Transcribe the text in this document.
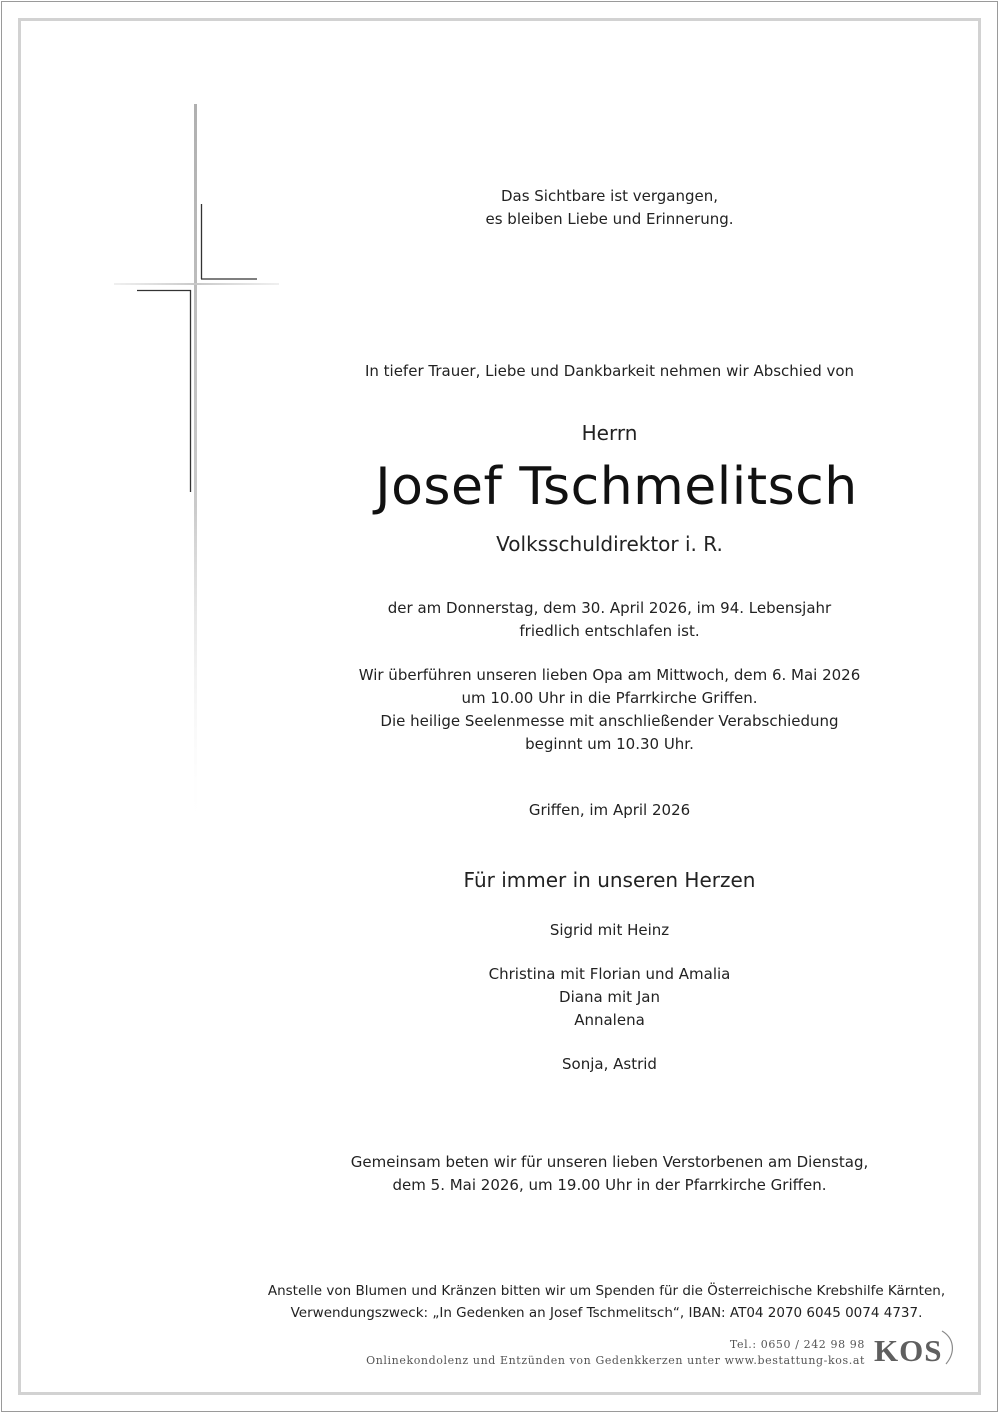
Das Sichtbare ist vergangen,
es bleiben Liebe und Erinnerung.
In tiefer Trauer, Liebe und Dankbarkeit nehmen wir Abschied von
Herrn
Josef Tschmelitsch
Volksschuldirektor i. R.
der am Donnerstag, dem 30. April 2026, im 94. Lebensjahr
friedlich entschlafen ist.
Wir überführen unseren lieben Opa am Mittwoch, dem 6. Mai 2026
um 10.00 Uhr in die Pfarrkirche Griffen.
Die heilige Seelenmesse mit anschließender Verabschiedung
beginnt um 10.30 Uhr.
Griffen, im April 2026
Für immer in unseren Herzen
Sigrid mit Heinz
Christina mit Florian und Amalia
Diana mit Jan
Annalena
Sonja, Astrid
Gemeinsam beten wir für unseren lieben Verstorbenen am Dienstag,
dem 5. Mai 2026, um 19.00 Uhr in der Pfarrkirche Griffen.
Anstelle von Blumen und Kränzen bitten wir um Spenden für die Österreichische Krebshilfe Kärnten,
Verwendungszweck: „In Gedenken an Josef Tschmelitsch“, IBAN: AT04 2070 6045 0074 4737.
Tel.: 0650 / 242 98 98
Onlinekondolenz und Entzünden von Gedenkkerzen unter www.bestattung-kos.at KOS
